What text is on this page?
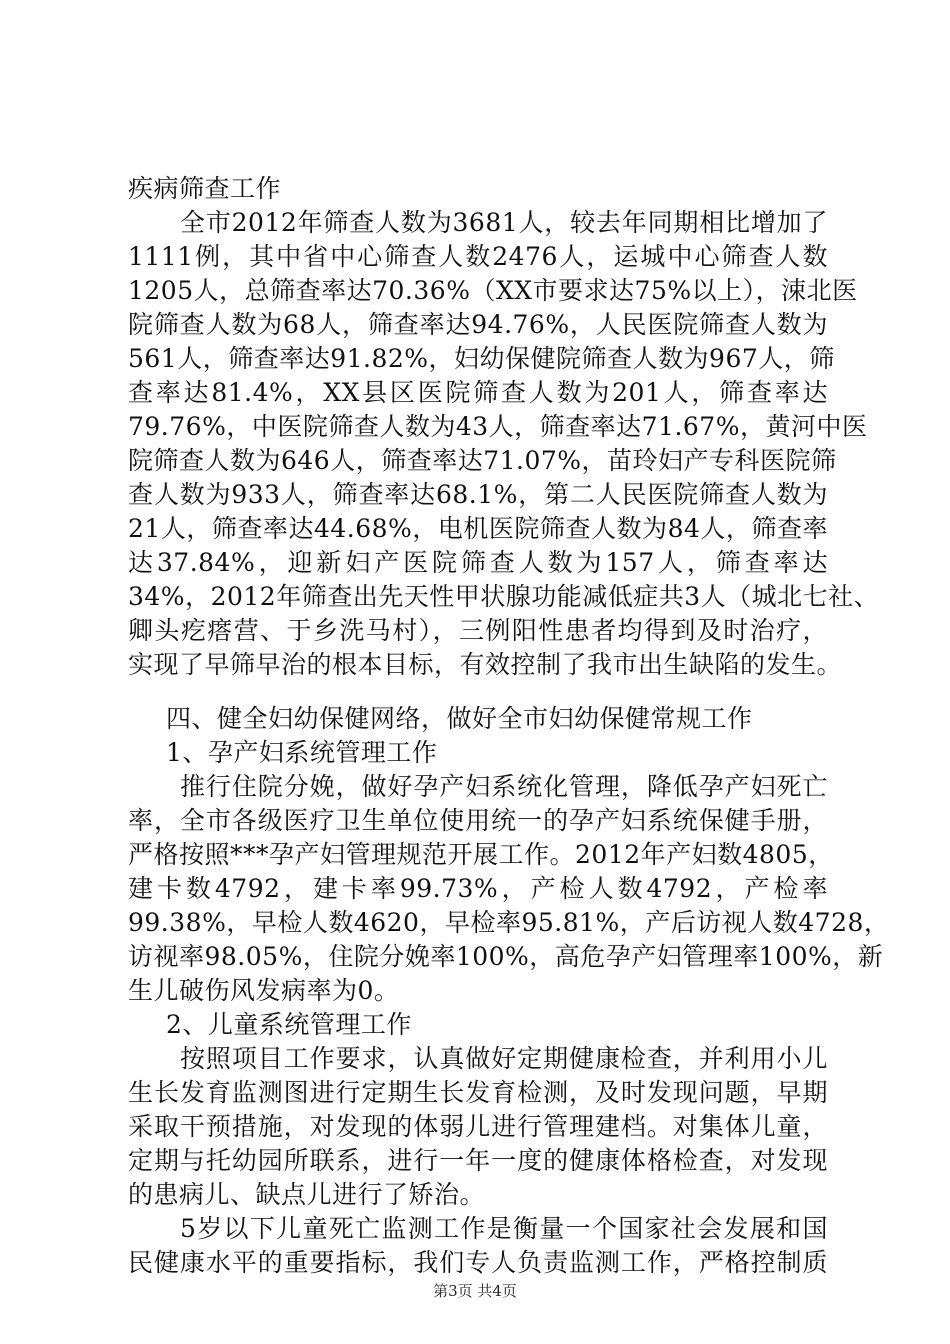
疾病筛查工作
全市2012年筛查人数为3681人，较去年同期相比增加了
1111例，其中省中心筛查人数2476人，运城中心筛查人数
1205人，总筛查率达70.36%（XX市要求达75%以上），涑北医
院筛查人数为68人，筛查率达94.76%，人民医院筛查人数为
561人，筛查率达91.82%，妇幼保健院筛查人数为967人，筛
查率达81.4%，XX县区医院筛查人数为201人，筛查率达
79.76%，中医院筛查人数为43人，筛查率达71.67%，黄河中医
院筛查人数为646人，筛查率达71.07%，苗玲妇产专科医院筛
查人数为933人，筛查率达68.1%，第二人民医院筛查人数为
21人，筛查率达44.68%，电机医院筛查人数为84人，筛查率
达37.84%，迎新妇产医院筛查人数为157人，筛查率达
34%，2012年筛查出先天性甲状腺功能减低症共3人（城北七社、
卿头疙瘩营、于乡洗马村），三例阳性患者均得到及时治疗，
实现了早筛早治的根本目标，有效控制了我市出生缺陷的发生。
四、健全妇幼保健网络，做好全市妇幼保健常规工作
1、孕产妇系统管理工作
推行住院分娩，做好孕产妇系统化管理，降低孕产妇死亡
率，全市各级医疗卫生单位使用统一的孕产妇系统保健手册，
严格按照***孕产妇管理规范开展工作。2012年产妇数4805，
建卡数4792，建卡率99.73%，产检人数4792，产检率
99.38%，早检人数4620，早检率95.81%，产后访视人数4728，
访视率98.05%，住院分娩率100%，高危孕产妇管理率100%，新
生儿破伤风发病率为0。
2、儿童系统管理工作
按照项目工作要求，认真做好定期健康检查，并利用小儿
生长发育监测图进行定期生长发育检测，及时发现问题，早期
采取干预措施，对发现的体弱儿进行管理建档。对集体儿童，
定期与托幼园所联系，进行一年一度的健康体格检查，对发现
的患病儿、缺点儿进行了矫治。
5岁以下儿童死亡监测工作是衡量一个国家社会发展和国
第3页 共4页
民健康水平的重要指标，我们专人负责监测工作，严格控制质
